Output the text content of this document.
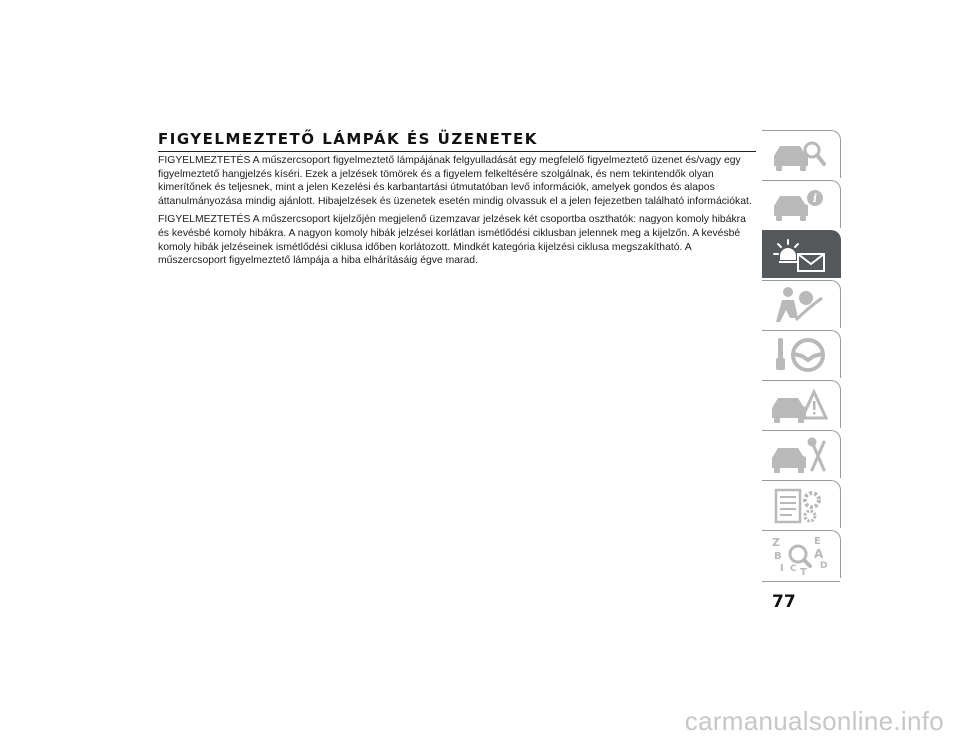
FIGYELMEZTETŐ LÁMPÁK ÉS ÜZENETEK

FIGYELMEZTETÉS A műszercsoport figyelmeztető lámpájának felgyulladását egy megfelelő figyelmeztető üzenet és/vagy egy figyelmeztető hangjelzés kíséri. Ezek a jelzések tömörek és a figyelem felkeltésére szolgálnak, és nem tekintendők olyan kimerítőnek és teljesnek, mint a jelen Kezelési és karbantartási útmutatóban levő információk, amelyek gondos és alapos áttanulmányozása mindig ajánlott. Hibajelzések és üzenetek esetén mindig olvassuk el a jelen fejezetben található információkat.

FIGYELMEZTETÉS A műszercsoport kijelzőjén megjelenő üzemzavar jelzések két csoportba oszthatók: nagyon komoly hibákra és kevésbé komoly hibákra. A nagyon komoly hibák jelzései korlátlan ismétlődési ciklusban jelennek meg a kijelzőn. A kevésbé komoly hibák jelzéseinek ismétlődési ciklusa időben korlátozott. Mindkét kategória kijelzési ciklusa megszakítható. A műszercsoport figyelmeztető lámpája a hiba elhárításáig égve marad.

i
Z	E
B	A
I C T
D
77
carmanualsonline.info
